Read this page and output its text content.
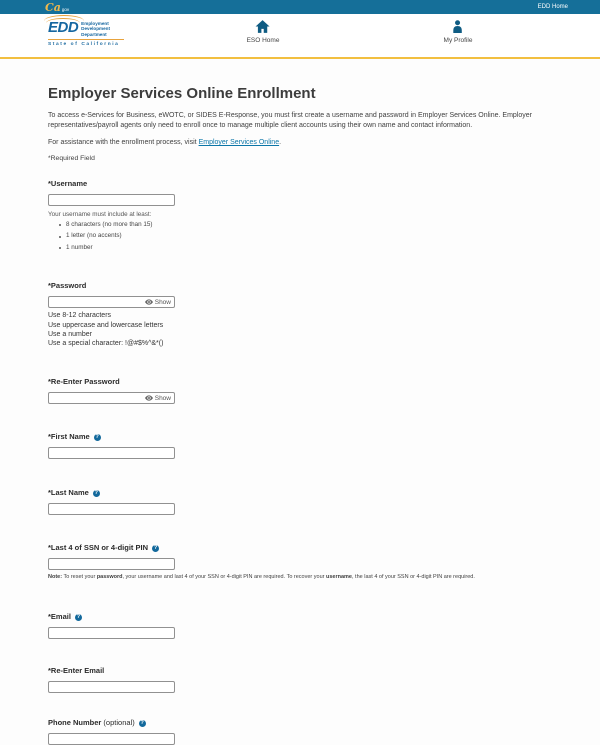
Ca gov	EDD Home
EDD Employment
Development
Department
State of California
ESO Home	My Profile
Employer Services Online Enrollment

To access e-Services for Business, eWOTC, or SIDES E-Response, you must first create a username and password in Employer Services Online. Employer representatives/payroll agents only need to enroll once to manage multiple client accounts using their own name and contact information.

For assistance with the enrollment process, visit Employer Services Online.

*Required Field

*Username
Your username must include at least:
8 characters (no more than 15)
1 letter (no accents)
1 number
*Password
Show
Use 8-12 characters
Use uppercase and lowercase letters
Use a number
Use a special character: !@#$%^&*()
*Re-Enter Password
Show
*First Name ?
*Last Name ?
*Last 4 of SSN or 4-digit PIN ?
Note: To reset your password, your username and last 4 of your SSN or 4-digit PIN are required. To recover your username, the last 4 of your SSN or 4-digit PIN are required.
*Email ?
*Re-Enter Email
Phone Number (optional) ?
